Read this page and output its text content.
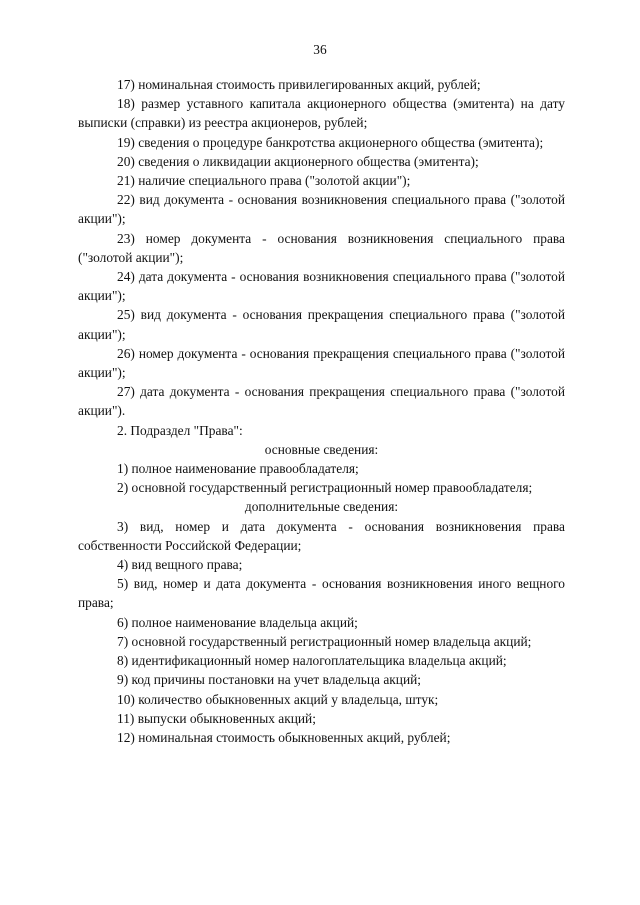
36

17) номинальная стоимость привилегированных акций, рублей;

18) размер уставного капитала акционерного общества (эмитента) на дату выписки (справки) из реестра акционеров, рублей;

19) сведения о процедуре банкротства акционерного общества (эмитента);

20) сведения о ликвидации акционерного общества (эмитента);

21) наличие специального права ("золотой акции");

22) вид документа - основания возникновения специального права ("золотой акции");

23) номер документа - основания возникновения специального права ("золотой акции");

24) дата документа - основания возникновения специального права ("золотой акции");

25) вид документа - основания прекращения специального права ("золотой акции");

26) номер документа - основания прекращения специального права ("золотой акции");

27) дата документа - основания прекращения специального права ("золотой акции").

2. Подраздел "Права":

основные сведения:

1) полное наименование правообладателя;

2) основной государственный регистрационный номер правообладателя;

дополнительные сведения:

3) вид, номер и дата документа - основания возникновения права собственности Российской Федерации;

4) вид вещного права;

5) вид, номер и дата документа - основания возникновения иного вещного права;

6) полное наименование владельца акций;

7) основной государственный регистрационный номер владельца акций;

8) идентификационный номер налогоплательщика владельца акций;

9) код причины постановки на учет владельца акций;

10) количество обыкновенных акций у владельца, штук;

11) выпуски обыкновенных акций;

12) номинальная стоимость обыкновенных акций, рублей;
